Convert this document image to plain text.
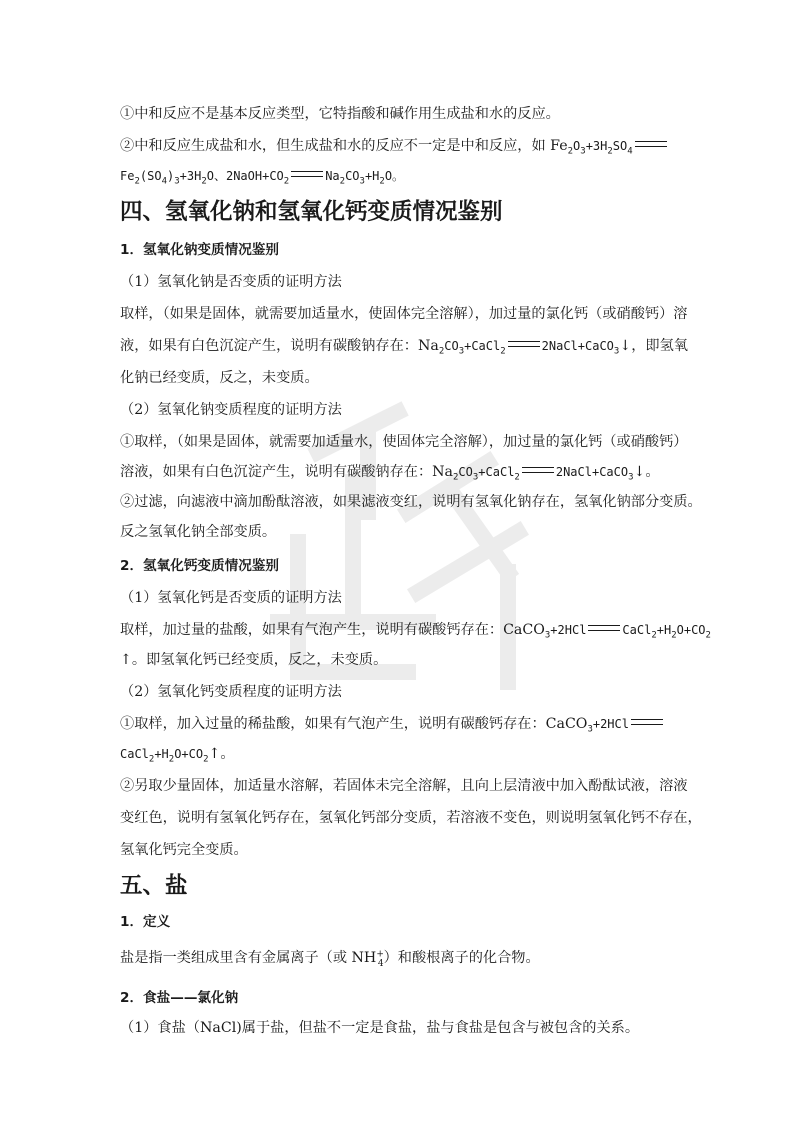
①中和反应不是基本反应类型，它特指酸和碱作用生成盐和水的反应。
②中和反应生成盐和水，但生成盐和水的反应不一定是中和反应，如 $Fe_2O_3+3H_2SO_4$
$Fe_2(SO_4)_3+3H_2O$、$2NaOH+CO_2$	$Na_2CO_3+H_2O$。
四、氢氧化钠和氢氧化钙变质情况鉴别
1．氢氧化钠变质情况鉴别
（1）氢氧化钠是否变质的证明方法
取样，（如果是固体，就需要加适量水，使固体完全溶解），加过量的氯化钙（或硝酸钙）溶
液，如果有白色沉淀产生，说明有碳酸钠存在：$Na_2CO_3+CaCl_2$	2NaCl+CaCO$_3$↓，即氢氧
化钠已经变质，反之，未变质。
（2）氢氧化钠变质程度的证明方法
①取样，（如果是固体，就需要加适量水，使固体完全溶解），加过量的氯化钙（或硝酸钙）
溶液，如果有白色沉淀产生，说明有碳酸钠存在：$Na_2CO_3+CaCl_2$	2NaCl+CaCO$_3$↓。
②过滤，向滤液中滴加酚酞溶液，如果滤液变红，说明有氢氧化钠存在，氢氧化钠部分变质。
反之氢氧化钠全部变质。
2．氢氧化钙变质情况鉴别
（1）氢氧化钙是否变质的证明方法
取样，加过量的盐酸，如果有气泡产生，说明有碳酸钙存在：CaCO$_3$+2HCl	$CaCl_2+H_2O+CO_2$
↑。即氢氧化钙已经变质，反之，未变质。
（2）氢氧化钙变质程度的证明方法
①取样，加入过量的稀盐酸，如果有气泡产生，说明有碳酸钙存在：CaCO$_3$+2HCl
$CaCl_2+H_2O+CO_2↑$。
②另取少量固体，加适量水溶解，若固体未完全溶解，且向上层清液中加入酚酞试液，溶液
变红色，说明有氢氧化钙存在，氢氧化钙部分变质，若溶液不变色，则说明氢氧化钙不存在，
氢氧化钙完全变质。
五、盐
1．定义
盐是指一类组成里含有金属离子（或 $NH^+_4$）和酸根离子的化合物。
2．食盐——氯化钠
（1）食盐（NaCl)属于盐，但盐不一定是食盐，盐与食盐是包含与被包含的关系。
